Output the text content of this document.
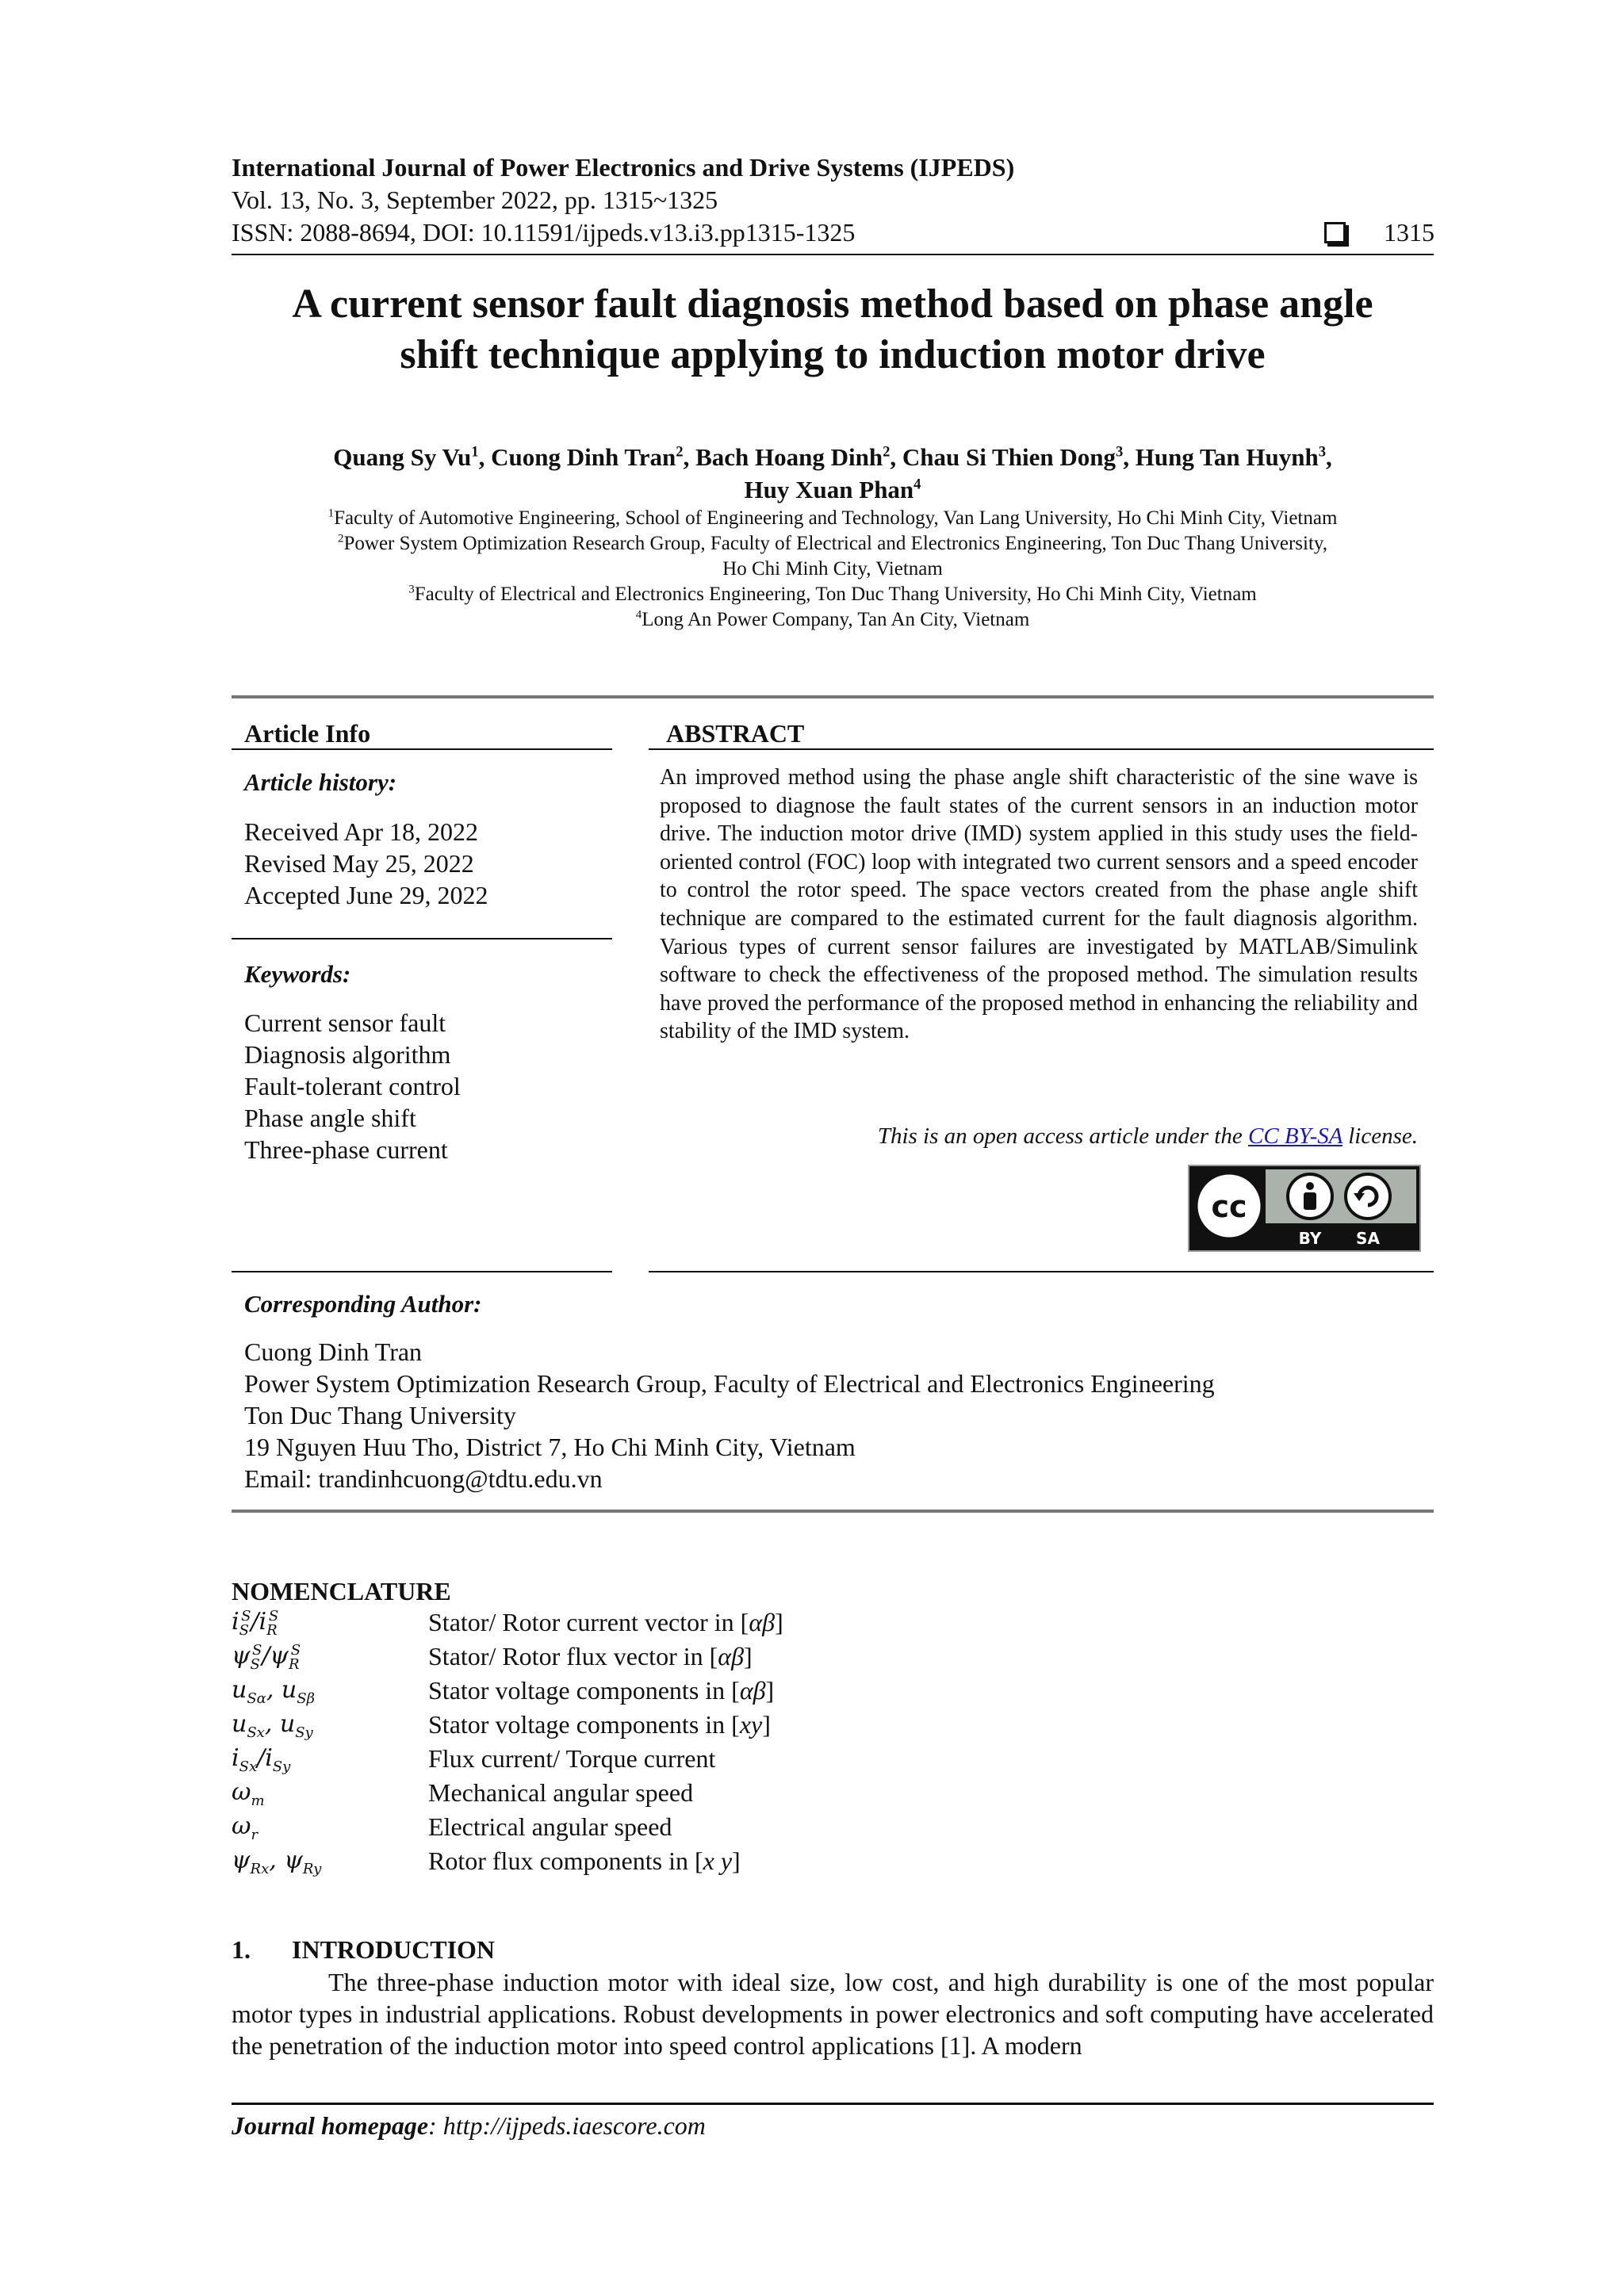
International Journal of Power Electronics and Drive Systems (IJPEDS)
Vol. 13, No. 3, September 2022, pp. 1315~1325
ISSN: 2088-8694, DOI: 10.11591/ijpeds.v13.i3.pp1315-1325	1315
A current sensor fault diagnosis method based on phase angle
shift technique applying to induction motor drive
Quang Sy Vu$^1$, Cuong Dinh Tran$^2$, Bach Hoang Dinh$^2$, Chau Si Thien Dong$^3$, Hung Tan Huynh$^3$,
Huy Xuan Phan$^4$
$^1$Faculty of Automotive Engineering, School of Engineering and Technology, Van Lang University, Ho Chi Minh City, Vietnam
$^2$Power System Optimization Research Group, Faculty of Electrical and Electronics Engineering, Ton Duc Thang University,
Ho Chi Minh City, Vietnam
$^3$Faculty of Electrical and Electronics Engineering, Ton Duc Thang University, Ho Chi Minh City, Vietnam
$^4$Long An Power Company, Tan An City, Vietnam
Article Info
Article history:
Received Apr 18, 2022
Revised May 25, 2022
Accepted June 29, 2022
Keywords:
Current sensor fault
Diagnosis algorithm
Fault-tolerant control
Phase angle shift
Three-phase current
ABSTRACT
An improved method using the phase angle shift characteristic of the sine wave is proposed to diagnose the fault states of the current sensors in an induction motor drive. The induction motor drive (IMD) system applied in this study uses the field-oriented control (FOC) loop with integrated two current sensors and a speed encoder to control the rotor speed. The space vectors created from the phase angle shift technique are compared to the estimated current for the fault diagnosis algorithm. Various types of current sensor failures are investigated by MATLAB/Simulink software to check the effectiveness of the proposed method. The simulation results have proved the performance of the proposed method in enhancing the reliability and stability of the IMD system.
This is an open access article under the CC BY-SA license.
cc
BY SA
Corresponding Author:
Cuong Dinh Tran
Power System Optimization Research Group, Faculty of Electrical and Electronics Engineering
Ton Duc Thang University
19 Nguyen Huu Tho, District 7, Ho Chi Minh City, Vietnam
Email: trandinhcuong@tdtu.edu.vn
NOMENCLATURE
$i_S^S/i_R^S$	Stator/ Rotor current vector in [αβ]
$\psi_S^S/\psi_R^S$	Stator/ Rotor flux vector in [αβ]
$u_{S\alpha}$, $u_{S\beta}$	Stator voltage components in [αβ]
$u_{Sx}$, $u_{Sy}$	Stator voltage components in [xy]
$i_{Sx}/i_{Sy}$	Flux current/ Torque current
$\omega_m$	Mechanical angular speed
$\omega_r$	Electrical angular speed
$\psi_{Rx}$, $\psi_{Ry}$	Rotor flux components in [x y]
1. INTRODUCTION
The three-phase induction motor with ideal size, low cost, and high durability is one of the most popular motor types in industrial applications. Robust developments in power electronics and soft computing have accelerated the penetration of the induction motor into speed control applications [1]. A modern
Journal homepage: http://ijpeds.iaescore.com
